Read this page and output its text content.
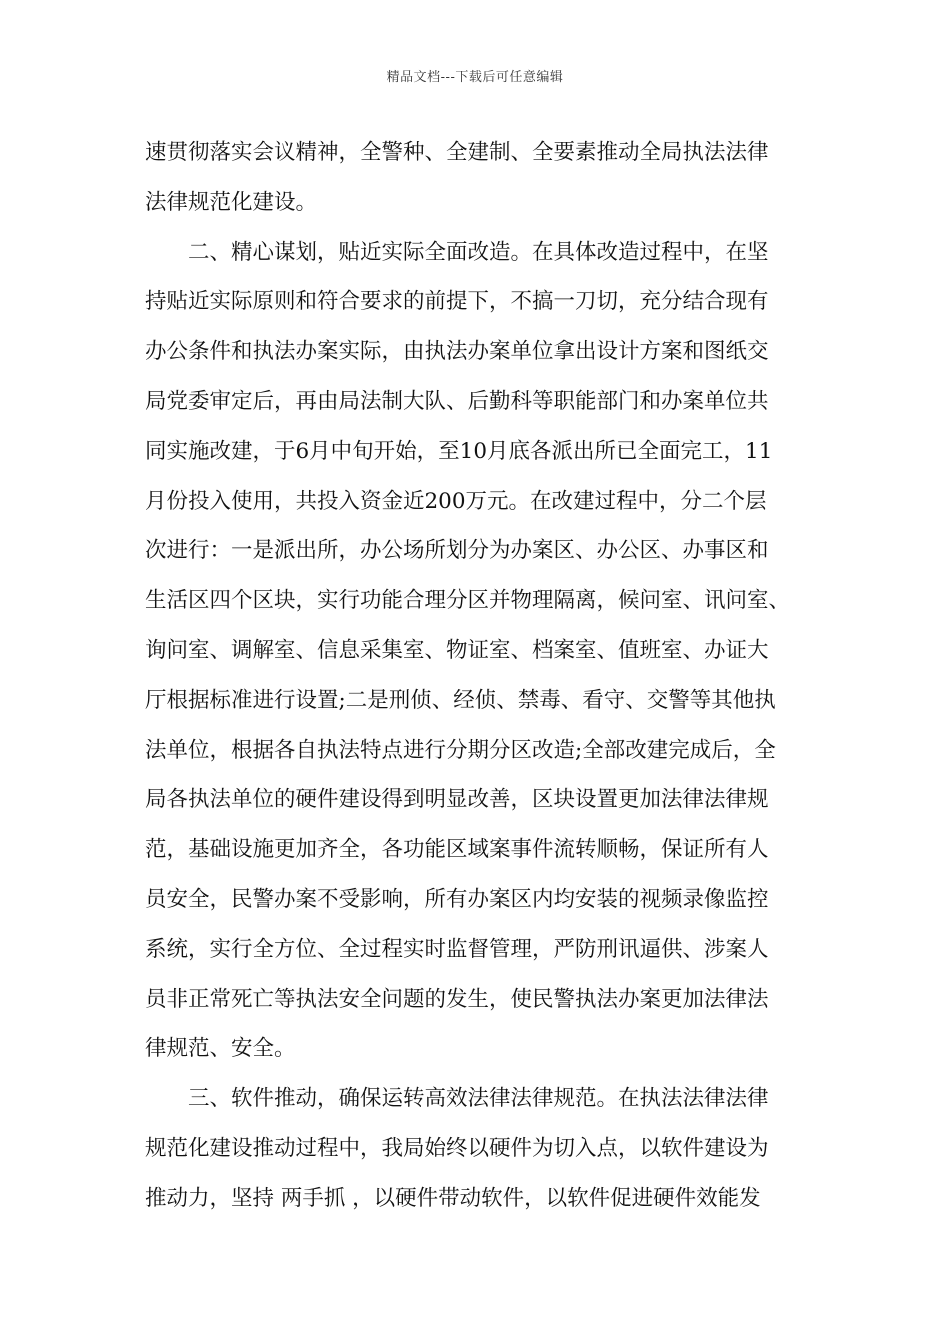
精品文档---下载后可任意编辑
速贯彻落实会议精神，全警种、全建制、全要素推动全局执法法律
法律规范化建设。
　　二、精心谋划，贴近实际全面改造。在具体改造过程中，在坚
持贴近实际原则和符合要求的前提下，不搞一刀切，充分结合现有
办公条件和执法办案实际，由执法办案单位拿出设计方案和图纸交
局党委审定后，再由局法制大队、后勤科等职能部门和办案单位共
同实施改建，于6月中旬开始，至10月底各派出所已全面完工，11
月份投入使用，共投入资金近200万元。在改建过程中，分二个层
次进行：一是派出所，办公场所划分为办案区、办公区、办事区和
生活区四个区块，实行功能合理分区并物理隔离，候问室、讯问室、
询问室、调解室、信息采集室、物证室、档案室、值班室、办证大
厅根据标准进行设置;二是刑侦、经侦、禁毒、看守、交警等其他执
法单位，根据各自执法特点进行分期分区改造;全部改建完成后，全
局各执法单位的硬件建设得到明显改善，区块设置更加法律法律规
范，基础设施更加齐全，各功能区域案事件流转顺畅，保证所有人
员安全，民警办案不受影响，所有办案区内均安装的视频录像监控
系统，实行全方位、全过程实时监督管理，严防刑讯逼供、涉案人
员非正常死亡等执法安全问题的发生，使民警执法办案更加法律法
律规范、安全。
　　三、软件推动，确保运转高效法律法律规范。在执法法律法律
规范化建设推动过程中，我局始终以硬件为切入点，以软件建设为
推动力，坚持 两手抓 ，以硬件带动软件，以软件促进硬件效能发
